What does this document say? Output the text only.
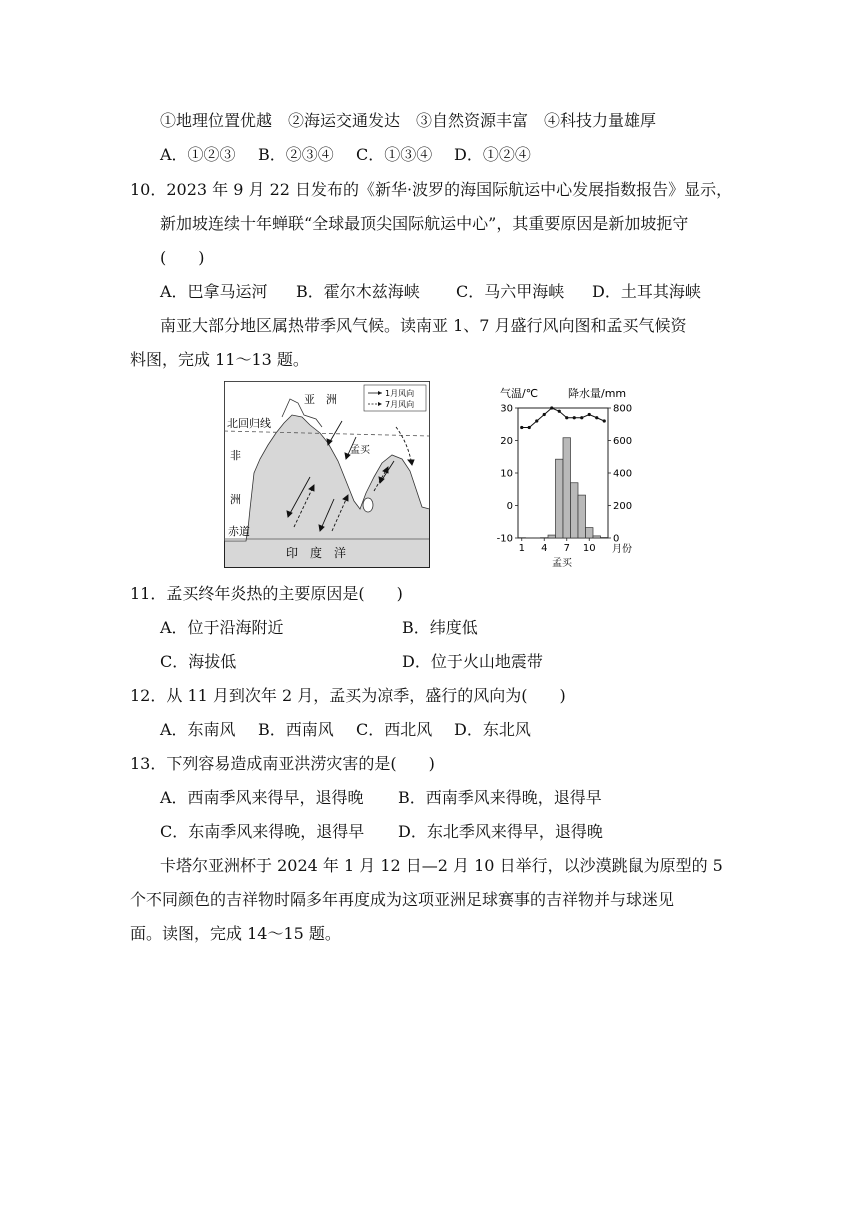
①地理位置优越　②海运交通发达　③自然资源丰富　④科技力量雄厚
A．①②③ B．②③④ C．①③④ D．①②④
10．2023 年 9 月 22 日发布的《新华·波罗的海国际航运中心发展指数报告》显示，
新加坡连续十年蝉联“全球最顶尖国际航运中心”，其重要原因是新加坡扼守
(　　)
A．巴拿马运河 B．霍尔木兹海峡 C．马六甲海峡 D．土耳其海峡
南亚大部分地区属热带季风气候。读南亚 1、7 月盛行风向图和孟买气候资
料图，完成 11～13 题。
1月风向
7月风向
北回归线
赤道
亚　洲
非
洲
印　度　洋
孟买
气温/℃	降水量/mm
-10
0
10
20
30
0
200
400
600
800
1 4 7 10 月份
孟买
11．孟买终年炎热的主要原因是(　　)
A．位于沿海附近	B．纬度低
C．海拔低	D．位于火山地震带
12．从 11 月到次年 2 月，孟买为凉季，盛行的风向为(　　)
A．东南风 B．西南风 C．西北风 D．东北风
13．下列容易造成南亚洪涝灾害的是(　　)
A．西南季风来得早，退得晚 B．西南季风来得晚，退得早
C．东南季风来得晚，退得早 D．东北季风来得早，退得晚
卡塔尔亚洲杯于 2024 年 1 月 12 日—2 月 10 日举行，以沙漠跳鼠为原型的 5
个不同颜色的吉祥物时隔多年再度成为这项亚洲足球赛事的吉祥物并与球迷见
面。读图，完成 14～15 题。
